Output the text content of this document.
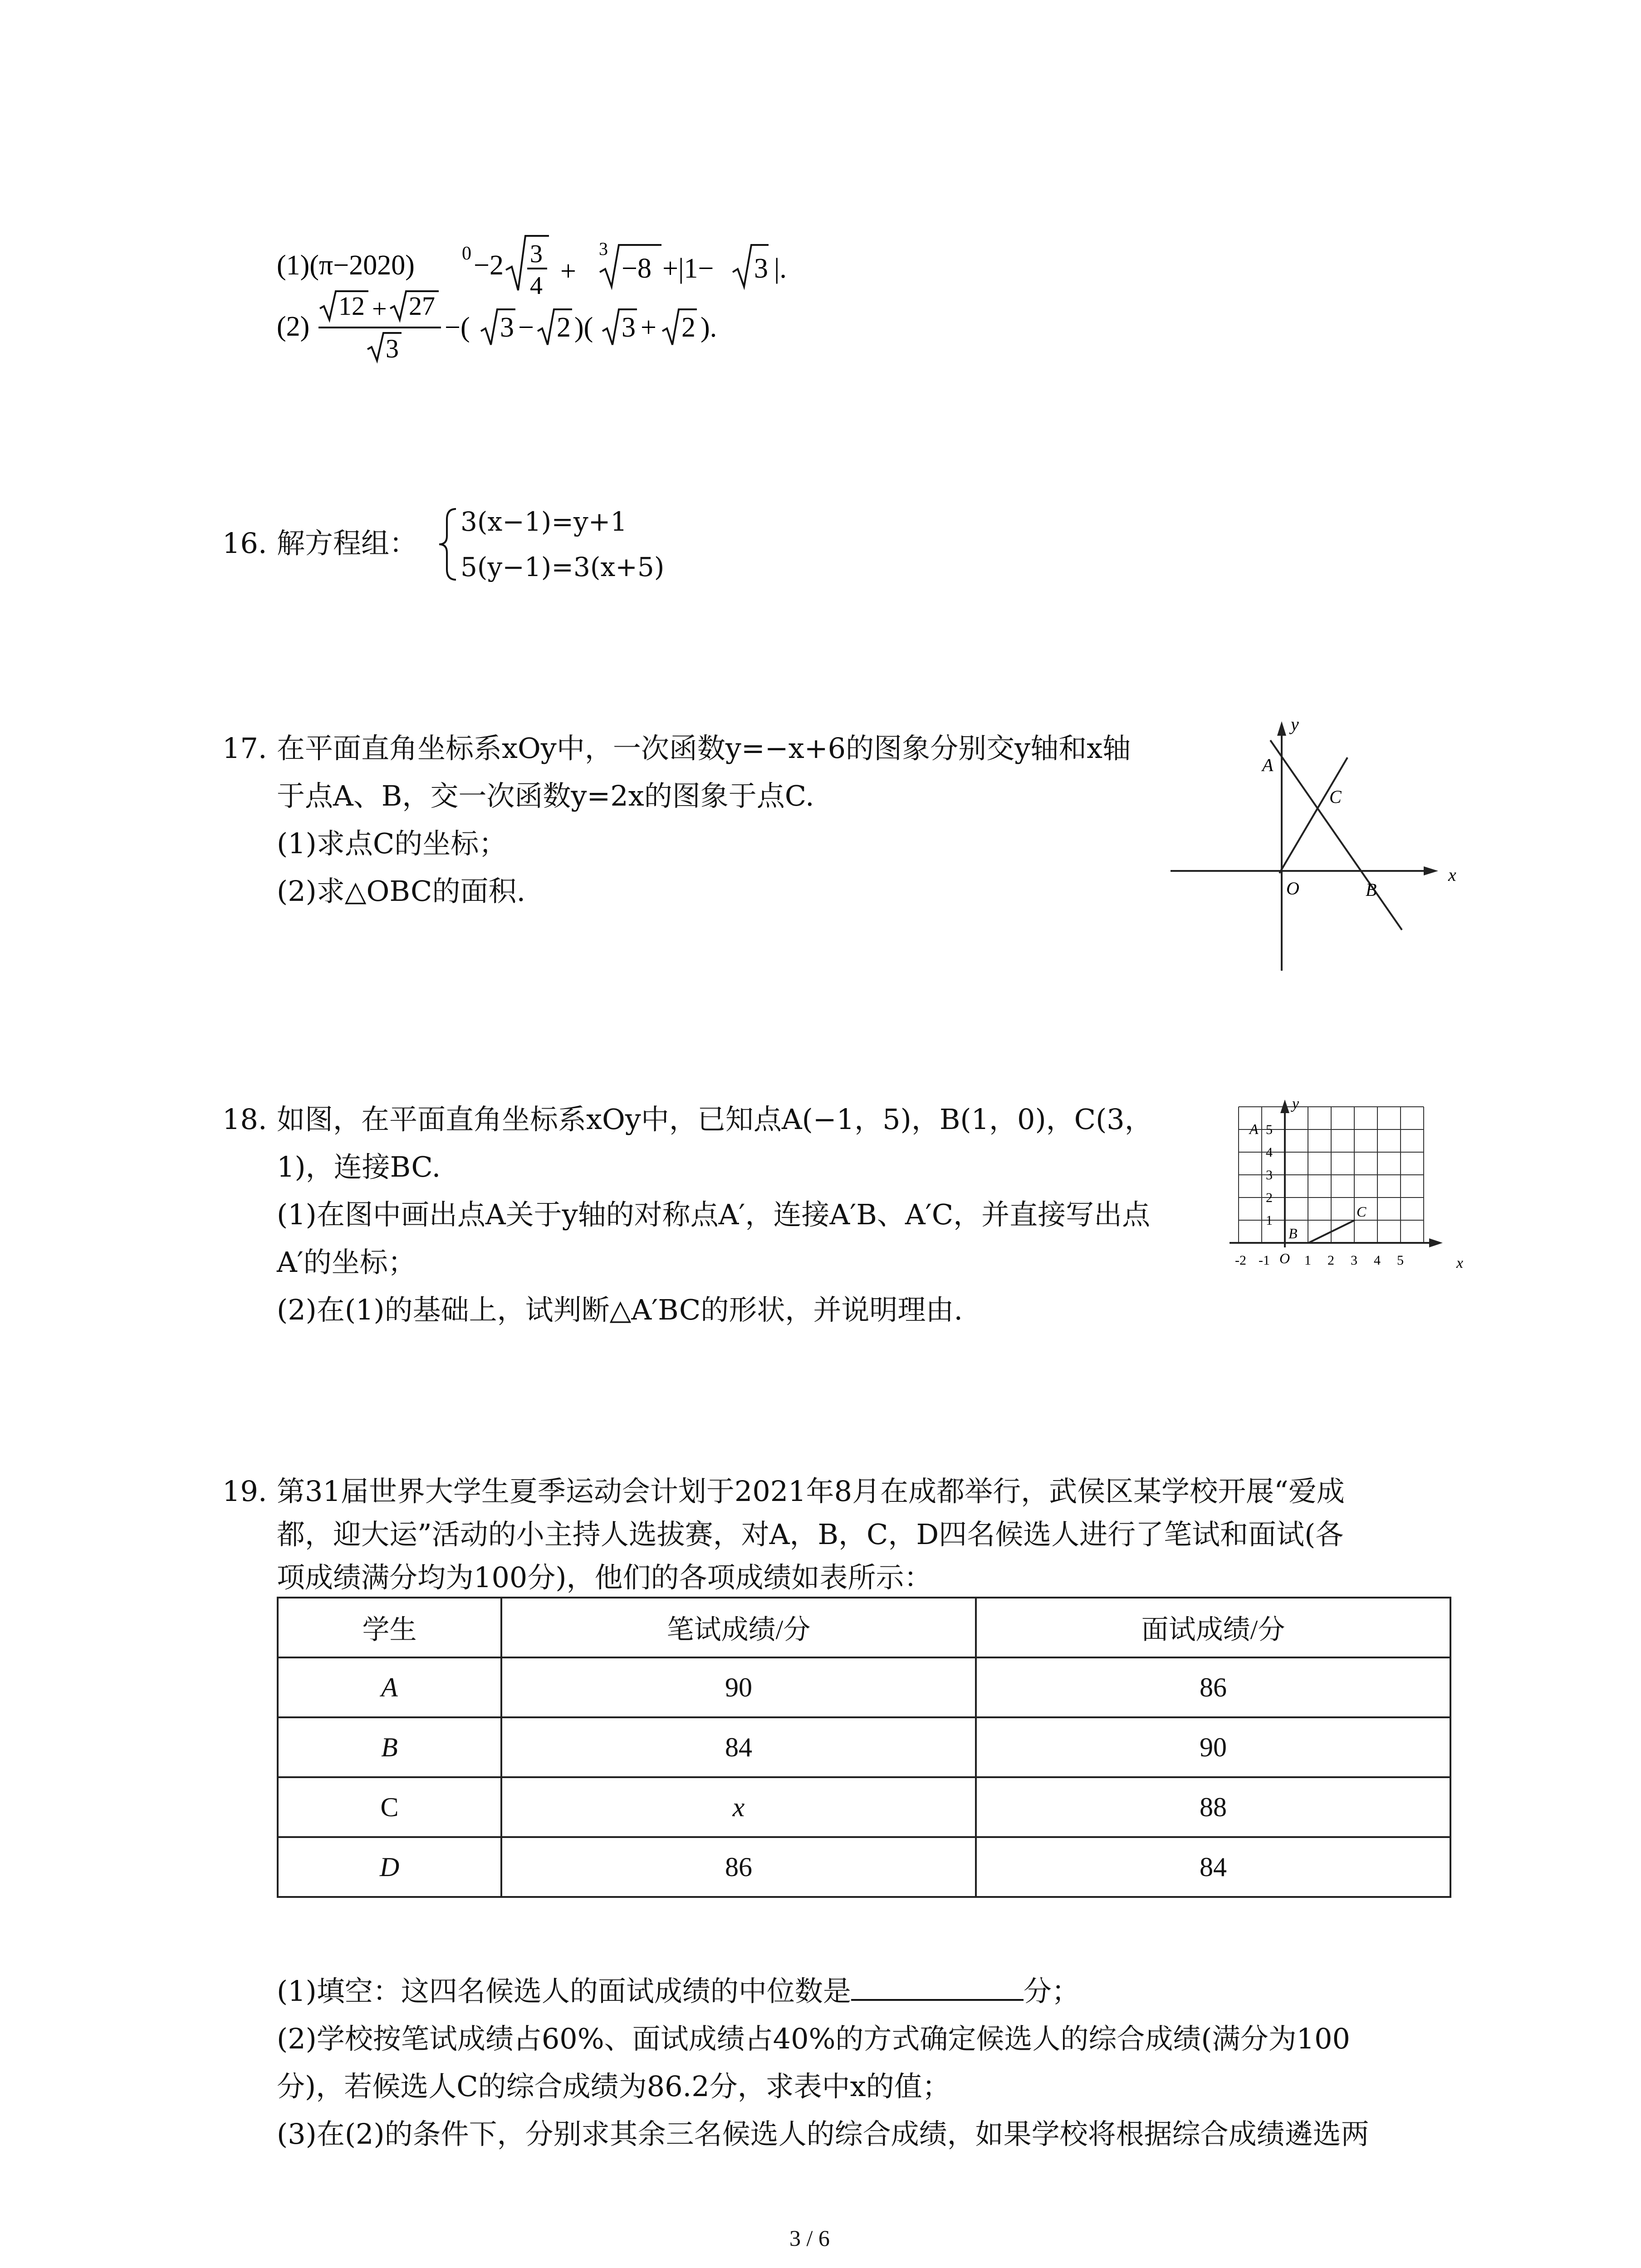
(1)(π−2020) 0 −2 3
4 +
3
−8 +|1− 3 |.
(2)
12 + 27
3
−( 3 − 2 )( 3 + 2 ).
16. 解方程组：
3(x−1)=y+1
5(y−1)=3(x+5)
17. 在平面直角坐标系xOy中，一次函数y=−x+6的图象分别交y轴和x轴
于点A、B，交一次函数y=2x的图象于点C.
(1)求点C的坐标；
(2)求△OBC的面积.
y
x
A
C
O	B
18. 如图，在平面直角坐标系xOy中，已知点A(−1，5)，B(1，0)，C(3，
1)，连接BC.
(1)在图中画出点A关于y轴的对称点A′，连接A′B、A′C，并直接写出点
A′的坐标；
(2)在(1)的基础上，试判断△A′BC的形状，并说明理由.
y
x
A
B
C
O
-2 -1	1 2 3 4 5
1
2
3
4
5
19. 第31届世界大学生夏季运动会计划于2021年8月在成都举行，武侯区某学校开展“爱成
都，迎大运”活动的小主持人选拔赛，对A，B，C，D四名候选人进行了笔试和面试(各
项成绩满分均为100分)，他们的各项成绩如表所示：
学生	笔试成绩/分	面试成绩/分
A	90	86
B	84	90
C	x	88
D	86	84
(1)填空：这四名候选人的面试成绩的中位数是	分；
(2)学校按笔试成绩占60%、面试成绩占40%的方式确定候选人的综合成绩(满分为100
分)，若候选人C的综合成绩为86.2分，求表中x的值；
(3)在(2)的条件下，分别求其余三名候选人的综合成绩，如果学校将根据综合成绩遴选两
3 / 6
